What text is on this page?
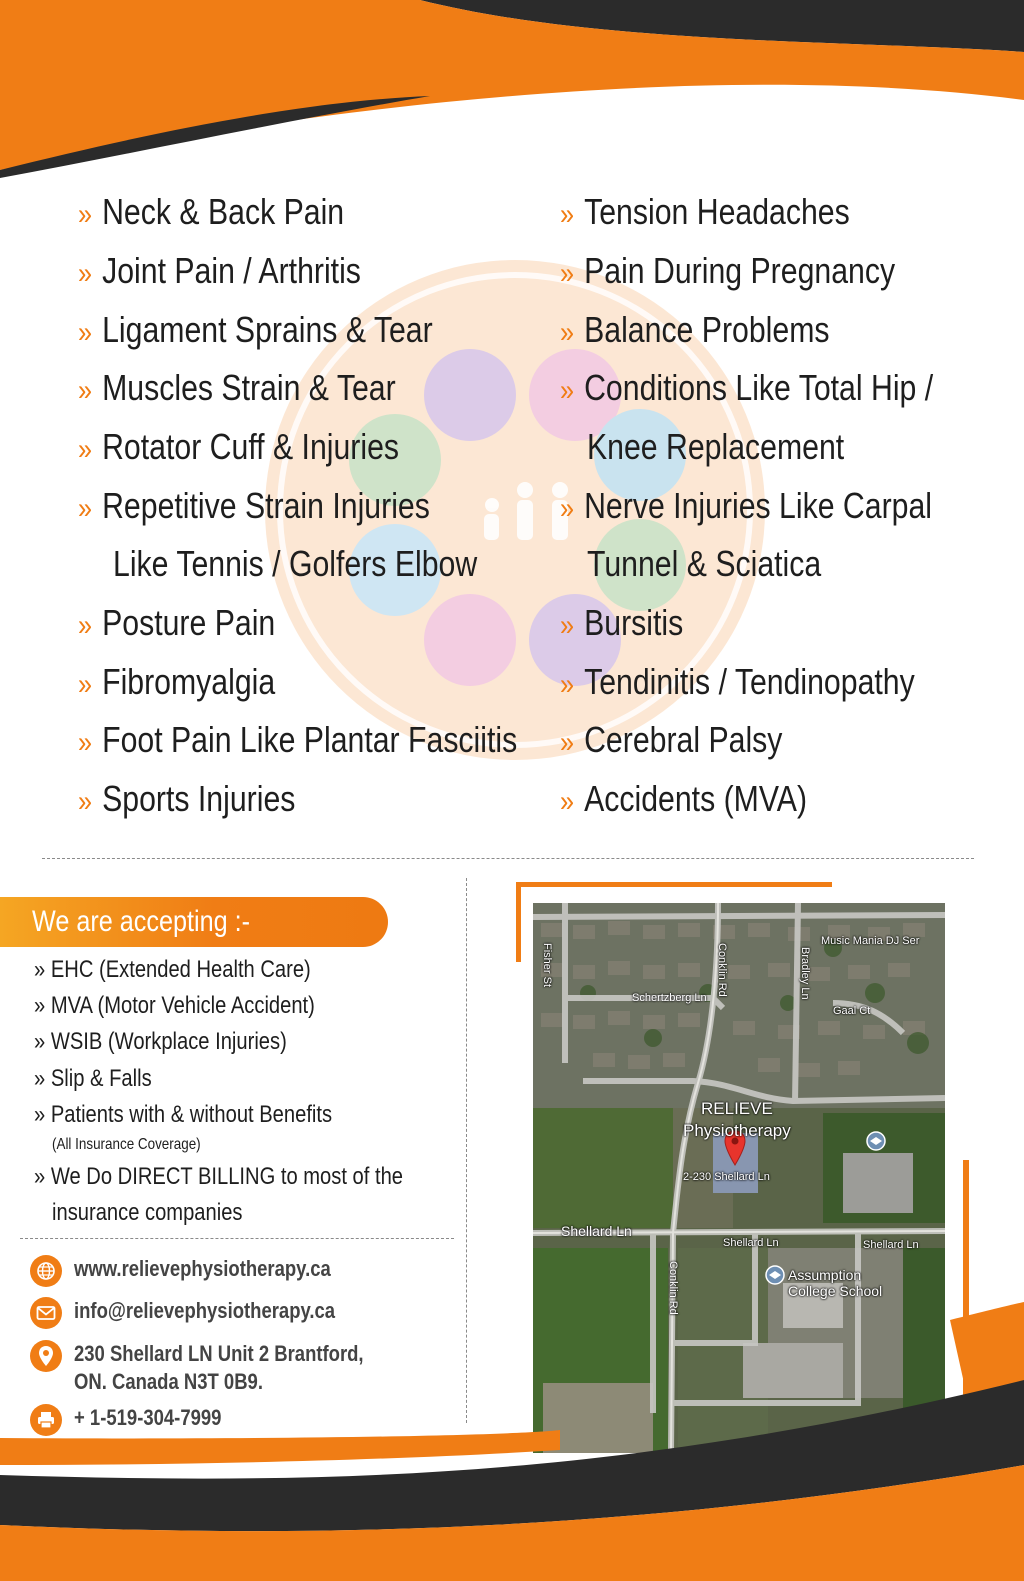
» Neck & Back Pain
» Joint Pain / Arthritis
» Ligament Sprains & Tear
» Muscles Strain & Tear
» Rotator Cuff & Injuries
» Repetitive Strain Injuries
Like Tennis / Golfers Elbow
» Posture Pain
» Fibromyalgia
» Foot Pain Like Plantar Fasciitis
» Sports Injuries
» Tension Headaches
» Pain During Pregnancy
» Balance Problems
» Conditions Like Total Hip /
Knee Replacement
» Nerve Injuries Like Carpal
Tunnel & Sciatica
» Bursitis
» Tendinitis / Tendinopathy
» Cerebral Palsy
» Accidents (MVA)
We are accepting :-
» EHC (Extended Health Care)
» MVA (Motor Vehicle Accident)
» WSIB (Workplace Injuries)
» Slip & Falls
» Patients with & without Benefits
(All Insurance Coverage)
» We Do DIRECT BILLING to most of the
insurance companies
www.relievephysiotherapy.ca
info@relievephysiotherapy.ca
230 Shellard LN Unit 2 Brantford,
ON. Canada N3T 0B9.
+ 1-519-304-7999
Music Mania DJ Ser
Fisher St	Conklin Rd	Bradley Ln
Schertzberg Ln
Gaal Ct
RELIEVE
Physiotherapy
2-230 Shellard Ln
Shellard Ln
Shellard Ln	Shellard Ln
Conklin Rd	Assumption
College School
